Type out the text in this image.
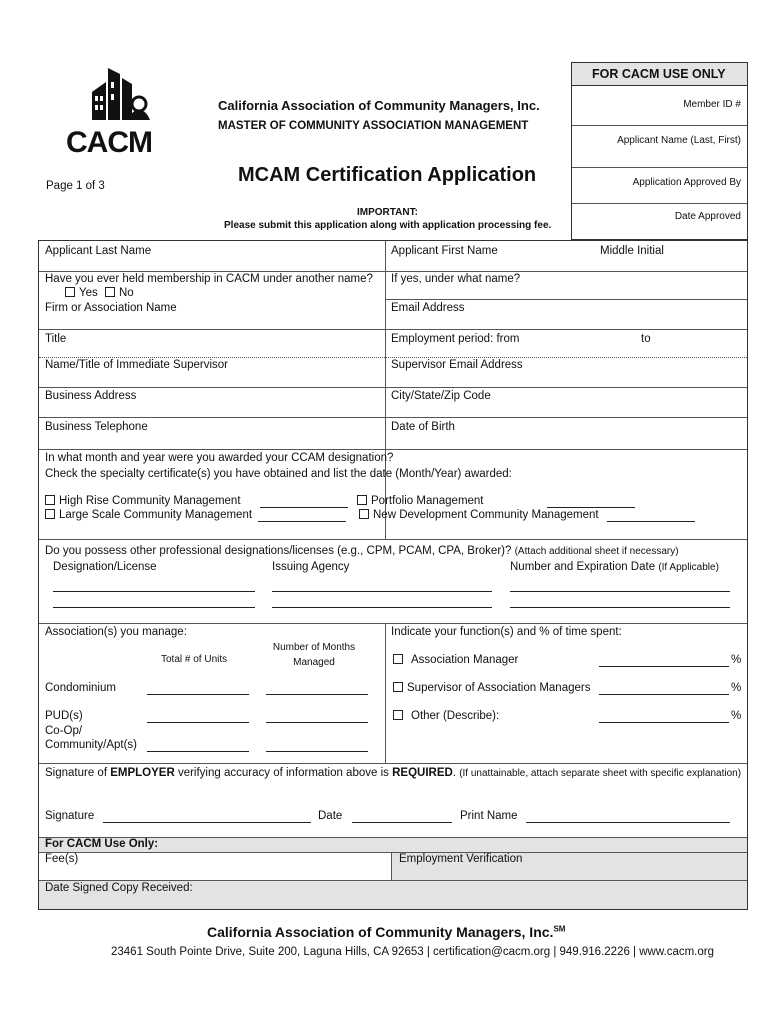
CACM
California Association of Community Managers, Inc.
MASTER OF COMMUNITY ASSOCIATION MANAGEMENT
MCAM Certification Application
Page 1 of 3
IMPORTANT:
Please submit this application along with application processing fee.
FOR CACM USE ONLY
Member ID #
Applicant Name (Last, First)
Application Approved By
Date Approved
Applicant Last Name	Applicant First Name	Middle Initial
Have you ever held membership in CACM under another name?
Yes	No
If yes, under what name?
Firm or Association Name	Email Address
Title	Employment period: from	to
Name/Title of Immediate Supervisor	Supervisor Email Address
Business Address	City/State/Zip Code
Business Telephone	Date of Birth
In what month and year were you awarded your CCAM designation?
Check the specialty certificate(s) you have obtained and list the date (Month/Year) awarded:
High Rise Community Management	Portfolio Management
Large Scale Community Management	New Development Community Management
Do you possess other professional designations/licenses (e.g., CPM, PCAM, CPA, Broker)? (Attach additional sheet if necessary)
Designation/License	Issuing Agency	Number and Expiration Date (If Applicable)
Association(s) you manage:
Total # of Units
Number of Months Managed
Condominium
PUD(s)
Co-Op/
Community/Apt(s)
Indicate your function(s) and % of time spent:
Association Manager	%
Supervisor of Association Managers	%
Other (Describe):	%
Signature of EMPLOYER verifying accuracy of information above is REQUIRED. (If unattainable, attach separate sheet with specific explanation)
Signature	Date	Print Name
For CACM Use Only:
Fee(s)	Employment Verification
Date Signed Copy Received:
California Association of Community Managers, Inc.℠
23461 South Pointe Drive, Suite 200, Laguna Hills, CA 92653 | certification@cacm.org | 949.916.2226 | www.cacm.org
